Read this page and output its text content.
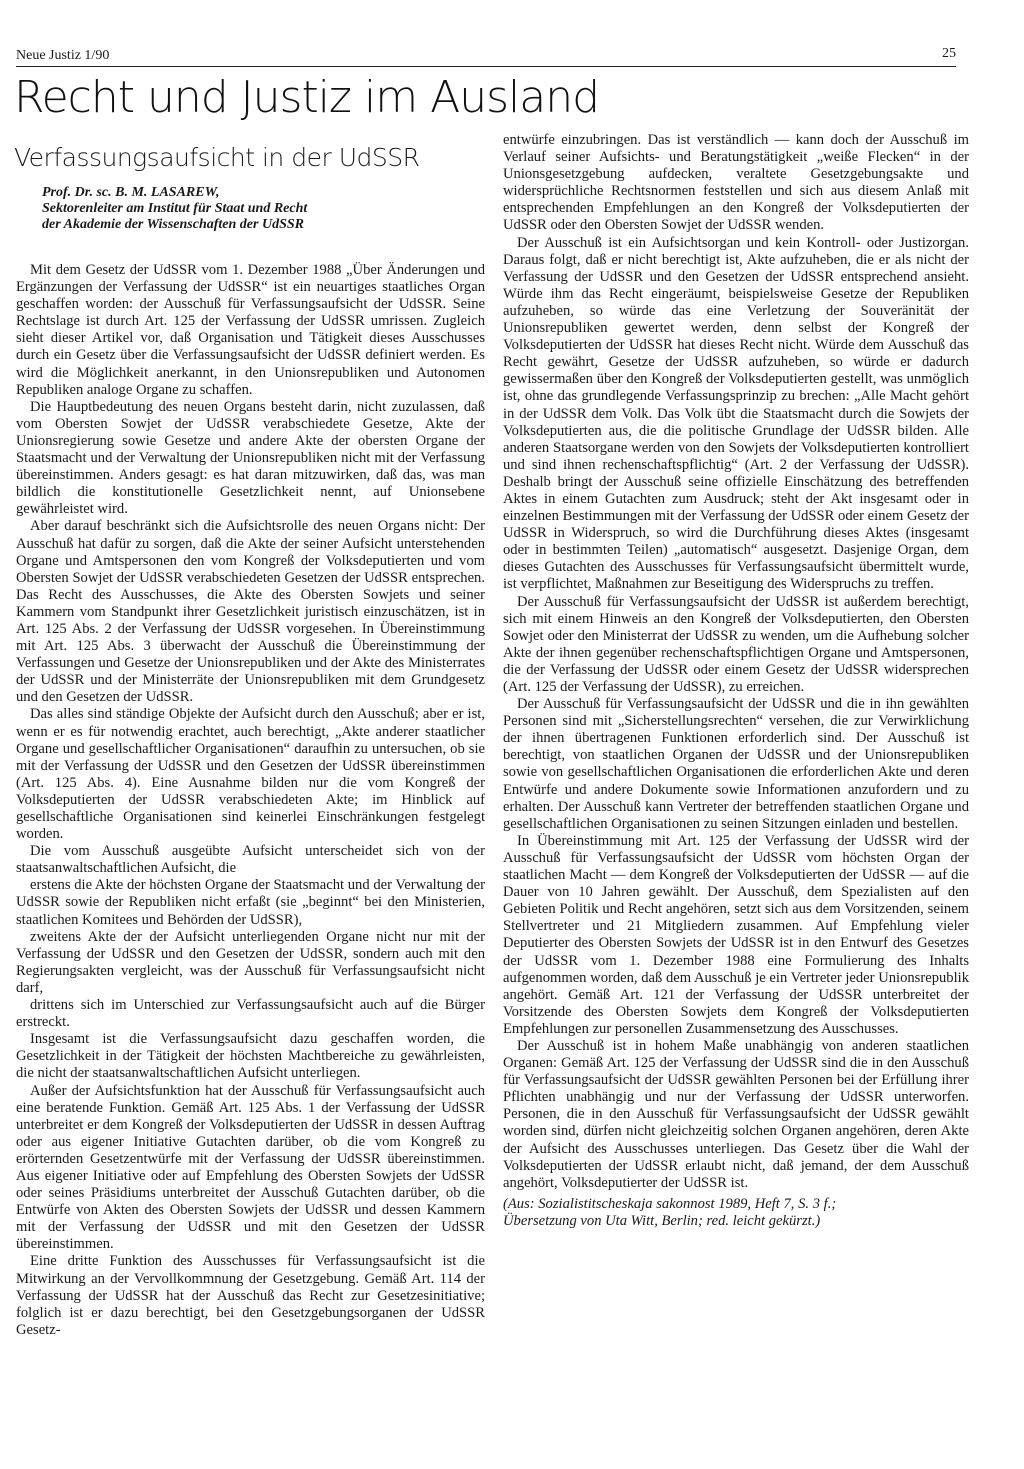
Neue Justiz 1/90	25
Recht und Justiz im Ausland
Verfassungsaufsicht in der UdSSR
Prof. Dr. sc. B. M. LASAREW,
Sektorenleiter am Institut für Staat und Recht
der Akademie der Wissenschaften der UdSSR

Mit dem Gesetz der UdSSR vom 1. Dezember 1988 „Über Änderungen und Ergänzungen der Verfassung der UdSSR“ ist ein neuartiges staatliches Organ geschaffen worden: der Ausschuß für Verfassungsaufsicht der UdSSR. Seine Rechtslage ist durch Art. 125 der Verfassung der UdSSR umrissen. Zugleich sieht dieser Artikel vor, daß Organisation und Tätigkeit dieses Ausschusses durch ein Gesetz über die Verfassungsaufsicht der UdSSR definiert werden. Es wird die Möglichkeit anerkannt, in den Unionsrepubliken und Autonomen Republiken analoge Organe zu schaffen.

Die Hauptbedeutung des neuen Organs besteht darin, nicht zuzulassen, daß vom Obersten Sowjet der UdSSR verabschiedete Gesetze, Akte der Unionsregierung sowie Gesetze und andere Akte der obersten Organe der Staatsmacht und der Verwaltung der Unionsrepubliken nicht mit der Verfassung übereinstimmen. Anders gesagt: es hat daran mitzuwirken, daß das, was man bildlich die konstitutionelle Gesetzlichkeit nennt, auf Unionsebene gewährleistet wird.

Aber darauf beschränkt sich die Aufsichtsrolle des neuen Organs nicht: Der Ausschuß hat dafür zu sorgen, daß die Akte der seiner Aufsicht unterstehenden Organe und Amtspersonen den vom Kongreß der Volksdeputierten und vom Obersten Sowjet der UdSSR verabschiedeten Gesetzen der UdSSR entsprechen. Das Recht des Ausschusses, die Akte des Obersten Sowjets und seiner Kammern vom Standpunkt ihrer Gesetzlichkeit juristisch einzuschätzen, ist in Art. 125 Abs. 2 der Verfassung der UdSSR vorgesehen. In Übereinstimmung mit Art. 125 Abs. 3 überwacht der Ausschuß die Übereinstimmung der Verfassungen und Gesetze der Unionsrepubliken und der Akte des Ministerrates der UdSSR und der Ministerräte der Unionsrepubliken mit dem Grundgesetz und den Gesetzen der UdSSR.

Das alles sind ständige Objekte der Aufsicht durch den Ausschuß; aber er ist, wenn er es für notwendig erachtet, auch berechtigt, „Akte anderer staatlicher Organe und gesellschaftlicher Organisationen“ daraufhin zu untersuchen, ob sie mit der Verfassung der UdSSR und den Gesetzen der UdSSR übereinstimmen (Art. 125 Abs. 4). Eine Ausnahme bilden nur die vom Kongreß der Volksdeputierten der UdSSR verabschiedeten Akte; im Hinblick auf gesellschaftliche Organisationen sind keinerlei Einschränkungen festgelegt worden.

Die vom Ausschuß ausgeübte Aufsicht unterscheidet sich von der staatsanwaltschaftlichen Aufsicht, die

erstens die Akte der höchsten Organe der Staatsmacht und der Verwaltung der UdSSR sowie der Republiken nicht erfaßt (sie „beginnt“ bei den Ministerien, staatlichen Komitees und Behörden der UdSSR),

zweitens Akte der der Aufsicht unterliegenden Organe nicht nur mit der Verfassung der UdSSR und den Gesetzen der UdSSR, sondern auch mit den Regierungsakten vergleicht, was der Ausschuß für Verfassungsaufsicht nicht darf,

drittens sich im Unterschied zur Verfassungsaufsicht auch auf die Bürger erstreckt.

Insgesamt ist die Verfassungsaufsicht dazu geschaffen worden, die Gesetzlichkeit in der Tätigkeit der höchsten Machtbereiche zu gewährleisten, die nicht der staatsanwaltschaftlichen Aufsicht unterliegen.

Außer der Aufsichtsfunktion hat der Ausschuß für Verfassungsaufsicht auch eine beratende Funktion. Gemäß Art. 125 Abs. 1 der Verfassung der UdSSR unterbreitet er dem Kongreß der Volksdeputierten der UdSSR in dessen Auftrag oder aus eigener Initiative Gutachten darüber, ob die vom Kongreß zu erörternden Gesetzentwürfe mit der Verfassung der UdSSR übereinstimmen. Aus eigener Initiative oder auf Empfehlung des Obersten Sowjets der UdSSR oder seines Präsidiums unterbreitet der Ausschuß Gutachten darüber, ob die Entwürfe von Akten des Obersten Sowjets der UdSSR und dessen Kammern mit der Verfassung der UdSSR und mit den Gesetzen der UdSSR übereinstimmen.

Eine dritte Funktion des Ausschusses für Verfassungsaufsicht ist die Mitwirkung an der Vervollkommnung der Gesetzgebung. Gemäß Art. 114 der Verfassung der UdSSR hat der Ausschuß das Recht zur Gesetzesinitiative; folglich ist er dazu berechtigt, bei den Gesetzgebungsorganen der UdSSR Gesetz-

entwürfe einzubringen. Das ist verständlich — kann doch der Ausschuß im Verlauf seiner Aufsichts- und Beratungstätigkeit „weiße Flecken“ in der Unionsgesetzgebung aufdecken, veraltete Gesetzgebungsakte und widersprüchliche Rechtsnormen feststellen und sich aus diesem Anlaß mit entsprechenden Empfehlungen an den Kongreß der Volksdeputierten der UdSSR oder den Obersten Sowjet der UdSSR wenden.

Der Ausschuß ist ein Aufsichtsorgan und kein Kontroll- oder Justizorgan. Daraus folgt, daß er nicht berechtigt ist, Akte aufzuheben, die er als nicht der Verfassung der UdSSR und den Gesetzen der UdSSR entsprechend ansieht. Würde ihm das Recht eingeräumt, beispielsweise Gesetze der Republiken aufzuheben, so würde das eine Verletzung der Souveränität der Unionsrepubliken gewertet werden, denn selbst der Kongreß der Volksdeputierten der UdSSR hat dieses Recht nicht. Würde dem Ausschuß das Recht gewährt, Gesetze der UdSSR aufzuheben, so würde er dadurch gewissermaßen über den Kongreß der Volksdeputierten gestellt, was unmöglich ist, ohne das grundlegende Verfassungsprinzip zu brechen: „Alle Macht gehört in der UdSSR dem Volk. Das Volk übt die Staatsmacht durch die Sowjets der Volksdeputierten aus, die die politische Grundlage der UdSSR bilden. Alle anderen Staatsorgane werden von den Sowjets der Volksdeputierten kontrolliert und sind ihnen rechenschaftspflichtig“ (Art. 2 der Verfassung der UdSSR). Deshalb bringt der Ausschuß seine offizielle Einschätzung des betreffenden Aktes in einem Gutachten zum Ausdruck; steht der Akt insgesamt oder in einzelnen Bestimmungen mit der Verfassung der UdSSR oder einem Gesetz der UdSSR in Widerspruch, so wird die Durchführung dieses Aktes (insgesamt oder in bestimmten Teilen) „automatisch“ ausgesetzt. Dasjenige Organ, dem dieses Gutachten des Ausschusses für Verfassungsaufsicht übermittelt wurde, ist verpflichtet, Maßnahmen zur Beseitigung des Widerspruchs zu treffen.

Der Ausschuß für Verfassungsaufsicht der UdSSR ist außerdem berechtigt, sich mit einem Hinweis an den Kongreß der Volksdeputierten, den Obersten Sowjet oder den Ministerrat der UdSSR zu wenden, um die Aufhebung solcher Akte der ihnen gegenüber rechenschaftspflichtigen Organe und Amtspersonen, die der Verfassung der UdSSR oder einem Gesetz der UdSSR widersprechen (Art. 125 der Verfassung der UdSSR), zu erreichen.

Der Ausschuß für Verfassungsaufsicht der UdSSR und die in ihn gewählten Personen sind mit „Sicherstellungsrechten“ versehen, die zur Verwirklichung der ihnen übertragenen Funktionen erforderlich sind. Der Ausschuß ist berechtigt, von staatlichen Organen der UdSSR und der Unionsrepubliken sowie von gesellschaftlichen Organisationen die erforderlichen Akte und deren Entwürfe und andere Dokumente sowie Informationen anzufordern und zu erhalten. Der Ausschuß kann Vertreter der betreffenden staatlichen Organe und gesellschaftlichen Organisationen zu seinen Sitzungen einladen und bestellen.

In Übereinstimmung mit Art. 125 der Verfassung der UdSSR wird der Ausschuß für Verfassungsaufsicht der UdSSR vom höchsten Organ der staatlichen Macht — dem Kongreß der Volksdeputierten der UdSSR — auf die Dauer von 10 Jahren gewählt. Der Ausschuß, dem Spezialisten auf den Gebieten Politik und Recht angehören, setzt sich aus dem Vorsitzenden, seinem Stellvertreter und 21 Mitgliedern zusammen. Auf Empfehlung vieler Deputierter des Obersten Sowjets der UdSSR ist in den Entwurf des Gesetzes der UdSSR vom 1. Dezember 1988 eine Formulierung des Inhalts aufgenommen worden, daß dem Ausschuß je ein Vertreter jeder Unionsrepublik angehört. Gemäß Art. 121 der Verfassung der UdSSR unterbreitet der Vorsitzende des Obersten Sowjets dem Kongreß der Volksdeputierten Empfehlungen zur personellen Zusammensetzung des Ausschusses.

Der Ausschuß ist in hohem Maße unabhängig von anderen staatlichen Organen: Gemäß Art. 125 der Verfassung der UdSSR sind die in den Ausschuß für Verfassungsaufsicht der UdSSR gewählten Personen bei der Erfüllung ihrer Pflichten unabhängig und nur der Verfassung der UdSSR unterworfen. Personen, die in den Ausschuß für Verfassungsaufsicht der UdSSR gewählt worden sind, dürfen nicht gleichzeitig solchen Organen angehören, deren Akte der Aufsicht des Ausschusses unterliegen. Das Gesetz über die Wahl der Volksdeputierten der UdSSR erlaubt nicht, daß jemand, der dem Ausschuß angehört, Volksdeputierter der UdSSR ist.

(Aus: Sozialistitscheskaja sakonnost 1989, Heft 7, S. 3 f.;

Übersetzung von Uta Witt, Berlin; red. leicht gekürzt.)
